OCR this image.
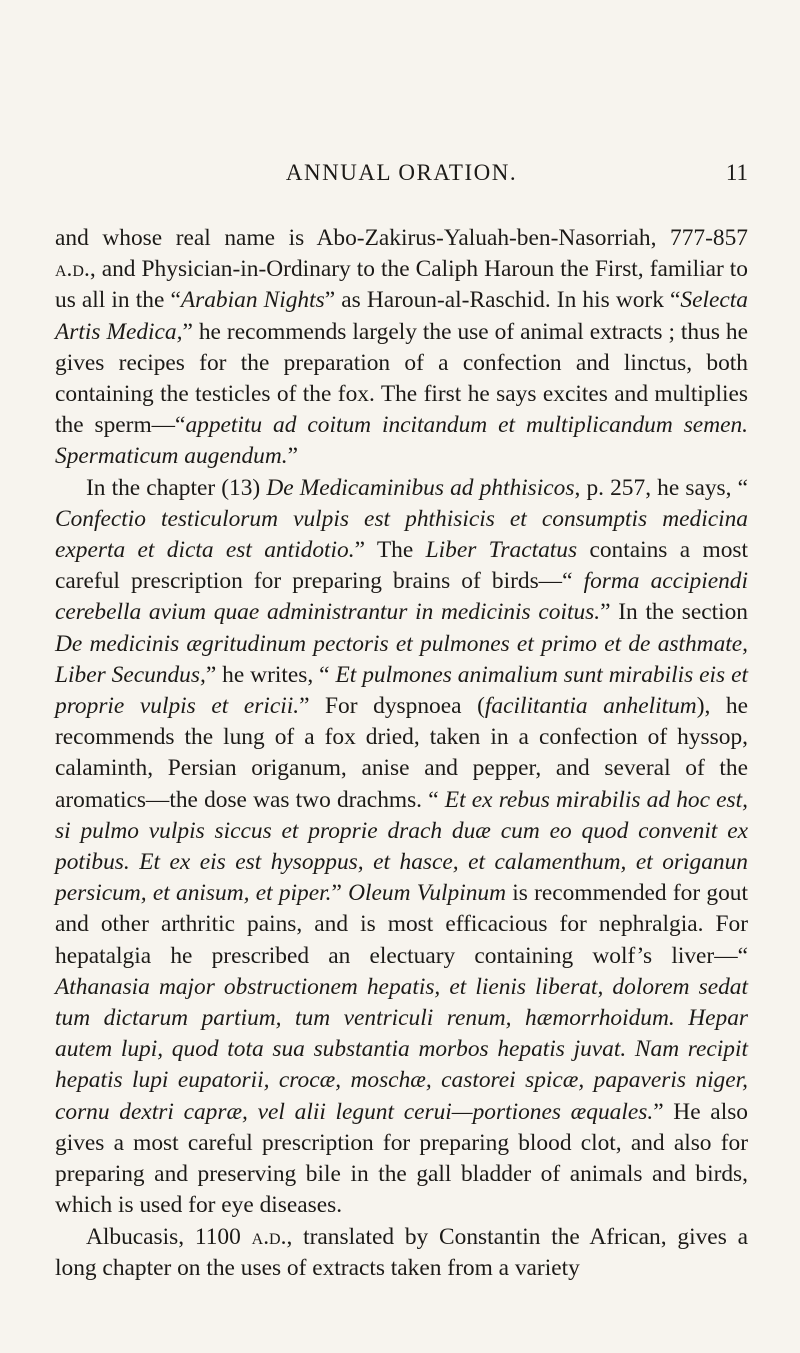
ANNUAL ORATION.	11

and whose real name is Abo-Zakirus-Yaluah-ben-Nasorriah, 777-857 a.d., and Physician-in-Ordinary to the Caliph Haroun the First, familiar to us all in the “Arabian Nights” as Haroun-al-Raschid. In his work “Selecta Artis Medica,” he recommends largely the use of animal extracts ; thus he gives recipes for the preparation of a confection and linctus, both containing the testicles of the fox. The first he says excites and multiplies the sperm—“appetitu ad coitum incitandum et multiplicandum semen. Spermaticum augendum.”

In the chapter (13) De Medicaminibus ad phthisicos, p. 257, he says, “ Confectio testiculorum vulpis est phthisicis et consumptis medicina experta et dicta est antidotio.” The Liber Tractatus contains a most careful prescription for preparing brains of birds—“ forma accipiendi cerebella avium quae administrantur in medicinis coitus.” In the section De medicinis ægritudinum pectoris et pulmones et primo et de asthmate, Liber Secundus,” he writes, “ Et pulmones animalium sunt mirabilis eis et proprie vulpis et ericii.” For dyspnoea (facilitantia anhelitum), he recommends the lung of a fox dried, taken in a confection of hyssop, calaminth, Persian origanum, anise and pepper, and several of the aromatics—the dose was two drachms. “ Et ex rebus mirabilis ad hoc est, si pulmo vulpis siccus et proprie drach duæ cum eo quod convenit ex potibus. Et ex eis est hysoppus, et hasce, et calamenthum, et origanun persicum, et anisum, et piper.” Oleum Vulpinum is recommended for gout and other arthritic pains, and is most efficacious for nephralgia. For hepatalgia he prescribed an electuary containing wolf’s liver—“ Athanasia major obstructionem hepatis, et lienis liberat, dolorem sedat tum dictarum partium, tum ventriculi renum, hæmorrhoidum. Hepar autem lupi, quod tota sua substantia morbos hepatis juvat. Nam recipit hepatis lupi eupatorii, crocæ, moschæ, castorei spicæ, papaveris niger, cornu dextri capræ, vel alii legunt cerui—portiones æquales.” He also gives a most careful prescription for preparing blood clot, and also for preparing and preserving bile in the gall bladder of animals and birds, which is used for eye diseases.

Albucasis, 1100 a.d., translated by Constantin the African, gives a long chapter on the uses of extracts taken from a variety
